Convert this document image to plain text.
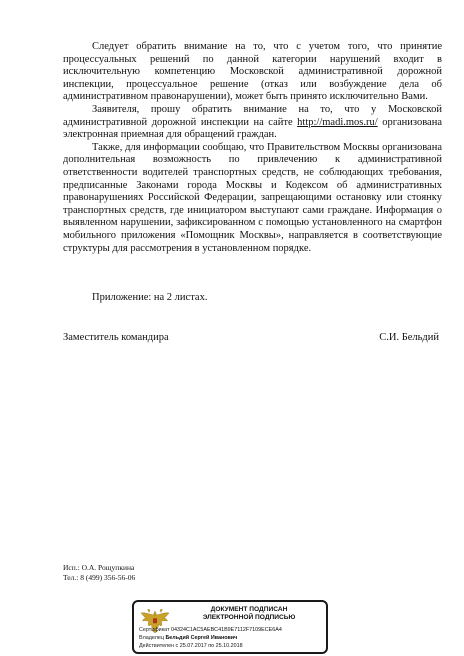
Следует обратить внимание на то, что с учетом того, что принятие процессуальных решений по данной категории нарушений входит в исключительную компетенцию Московской административной дорожной инспекции, процессуальное решение (отказ или возбуждение дела об административном правонарушении), может быть принято исключительно Вами.

Заявителя, прошу обратить внимание на то, что у Московской административной дорожной инспекции на сайте http://madi.mos.ru/ организована электронная приемная для обращений граждан.

Также, для информации сообщаю, что Правительством Москвы организована дополнительная возможность по привлечению к административной ответственности водителей транспортных средств, не соблюдающих требования, предписанные Законами города Москвы и Кодексом об административных правонарушениях Российской Федерации, запрещающими остановку или стоянку транспортных средств, где инициатором выступают сами граждане. Информация о выявленном нарушении, зафиксированном с помощью установленного на смартфон мобильного приложения «Помощник Москвы», направляется в соответствующие структуры для рассмотрения в установленном порядке.

Приложение: на 2 листах.
Заместитель командира	С.И. Бельдий
Исп.: О.А. Рощупкина
Тел.: 8 (499) 356-56-06
ДОКУМЕНТ ПОДПИСАН
ЭЛЕКТРОННОЙ ПОДПИСЬЮ
Сертификат 04324C1AC5AEBC41B9E7112F7109ECE6A4
Владелец Бельдий Сергей Иванович
Действителен с 25.07.2017 по 25.10.2018
